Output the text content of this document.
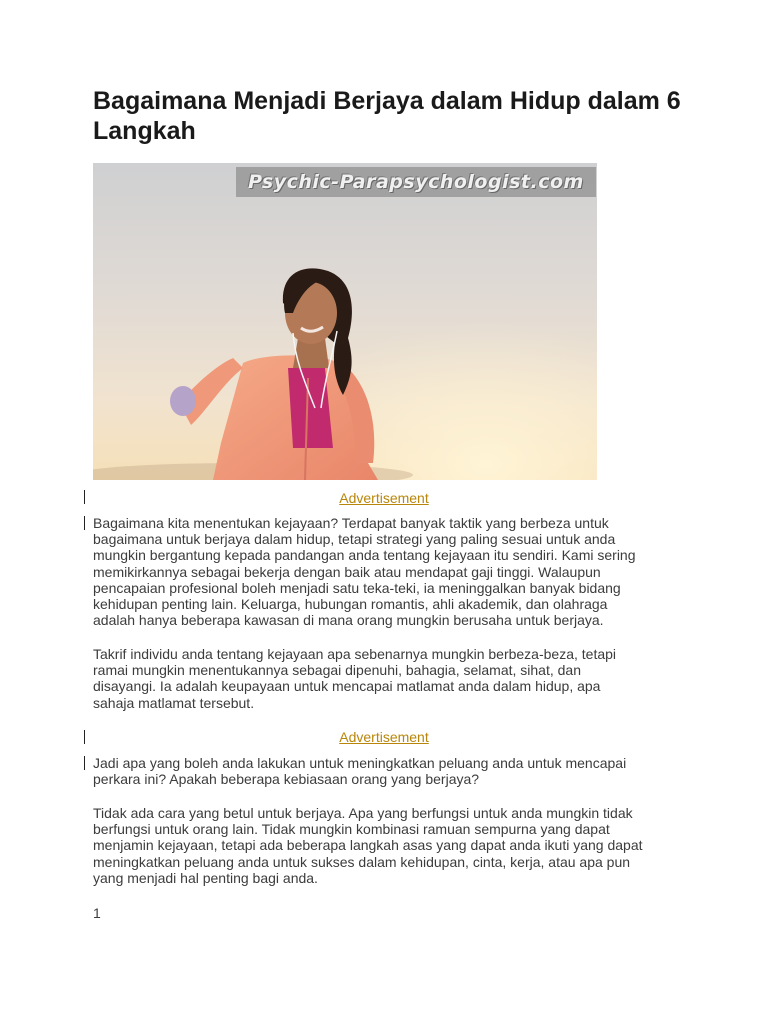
Bagaimana Menjadi Berjaya dalam Hidup dalam 6 Langkah
Psychic-Parapsychologist.com
Advertisement

Bagaimana kita menentukan kejayaan? Terdapat banyak taktik yang berbeza untuk
bagaimana untuk berjaya dalam hidup, tetapi strategi yang paling sesuai untuk anda
mungkin bergantung kepada pandangan anda tentang kejayaan itu sendiri. Kami sering
memikirkannya sebagai bekerja dengan baik atau mendapat gaji tinggi. Walaupun
pencapaian profesional boleh menjadi satu teka-teki, ia meninggalkan banyak bidang
kehidupan penting lain. Keluarga, hubungan romantis, ahli akademik, dan olahraga
adalah hanya beberapa kawasan di mana orang mungkin berusaha untuk berjaya.

Takrif individu anda tentang kejayaan apa sebenarnya mungkin berbeza-beza, tetapi
ramai mungkin menentukannya sebagai dipenuhi, bahagia, selamat, sihat, dan
disayangi. Ia adalah keupayaan untuk mencapai matlamat anda dalam hidup, apa
sahaja matlamat tersebut.

Advertisement

Jadi apa yang boleh anda lakukan untuk meningkatkan peluang anda untuk mencapai
perkara ini? Apakah beberapa kebiasaan orang yang berjaya?

Tidak ada cara yang betul untuk berjaya. Apa yang berfungsi untuk anda mungkin tidak
berfungsi untuk orang lain. Tidak mungkin kombinasi ramuan sempurna yang dapat
menjamin kejayaan, tetapi ada beberapa langkah asas yang dapat anda ikuti yang dapat
meningkatkan peluang anda untuk sukses dalam kehidupan, cinta, kerja, atau apa pun
yang menjadi hal penting bagi anda.

1
